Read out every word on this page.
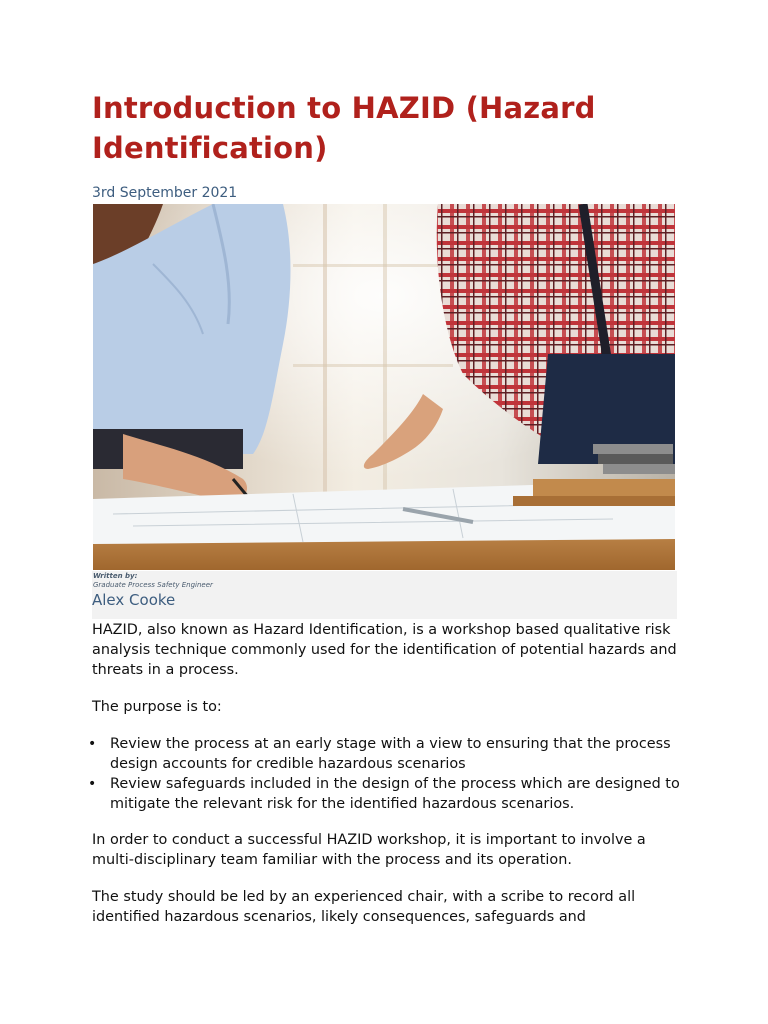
Introduction to HAZID (Hazard Identification)
3rd September 2021
Written by:
Graduate Process Safety Engineer
Alex Cooke

HAZID, also known as Hazard Identification, is a workshop based qualitative risk analysis technique commonly used for the identification of potential hazards and threats in a process.

The purpose is to:

• Review the process at an early stage with a view to ensuring that the process design accounts for credible hazardous scenarios
• Review safeguards included in the design of the process which are designed to mitigate the relevant risk for the identified hazardous scenarios.

In order to conduct a successful HAZID workshop, it is important to involve a multi-disciplinary team familiar with the process and its operation.

The study should be led by an experienced chair, with a scribe to record all identified hazardous scenarios, likely consequences, safeguards and
